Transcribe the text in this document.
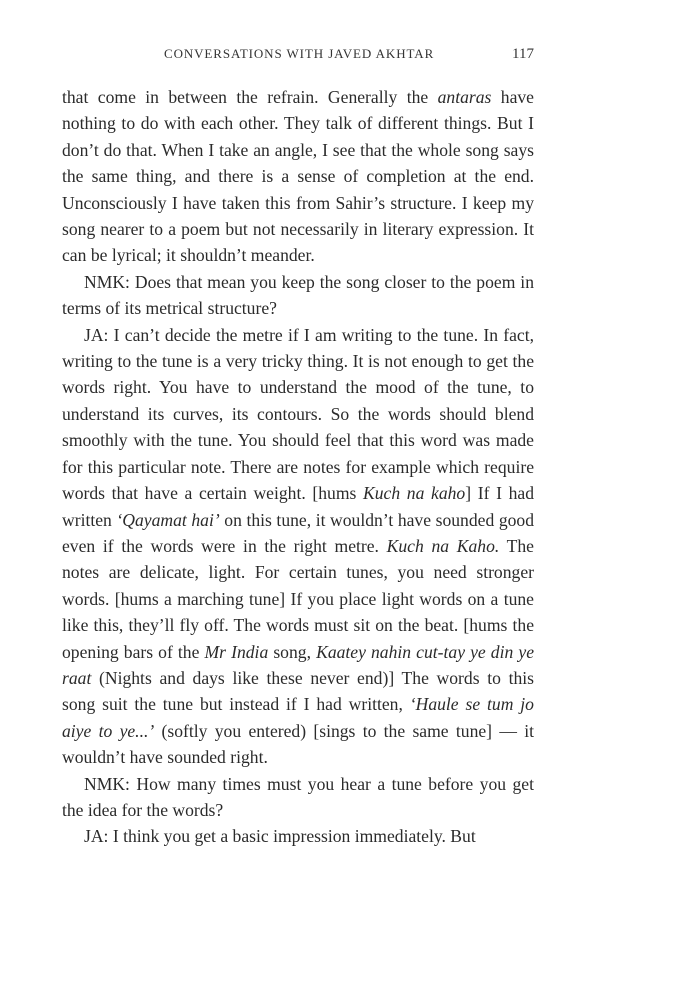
CONVERSATIONS WITH JAVED AKHTAR	117

that come in between the refrain. Generally the antaras have nothing to do with each other. They talk of different things. But I don’t do that. When I take an angle, I see that the whole song says the same thing, and there is a sense of completion at the end. Unconsciously I have taken this from Sahir’s structure. I keep my song nearer to a poem but not necessarily in literary expression. It can be lyrical; it shouldn’t meander.

NMK: Does that mean you keep the song closer to the poem in terms of its metrical structure?

JA: I can’t decide the metre if I am writing to the tune. In fact, writing to the tune is a very tricky thing. It is not enough to get the words right. You have to understand the mood of the tune, to understand its curves, its contours. So the words should blend smoothly with the tune. You should feel that this word was made for this particular note. There are notes for example which require words that have a certain weight. [hums Kuch na kaho] If I had written ‘Qayamat hai’ on this tune, it wouldn’t have sounded good even if the words were in the right metre. Kuch na Kaho. The notes are delicate, light. For certain tunes, you need stronger words. [hums a marching tune] If you place light words on a tune like this, they’ll fly off. The words must sit on the beat. [hums the opening bars of the Mr India song, Kaatey nahin cut-tay ye din ye raat (Nights and days like these never end)] The words to this song suit the tune but instead if I had written, ‘Haule se tum jo aiye to ye...’ (softly you entered) [sings to the same tune] — it wouldn’t have sounded right.

NMK: How many times must you hear a tune before you get the idea for the words?

JA: I think you get a basic impression immediately. But
